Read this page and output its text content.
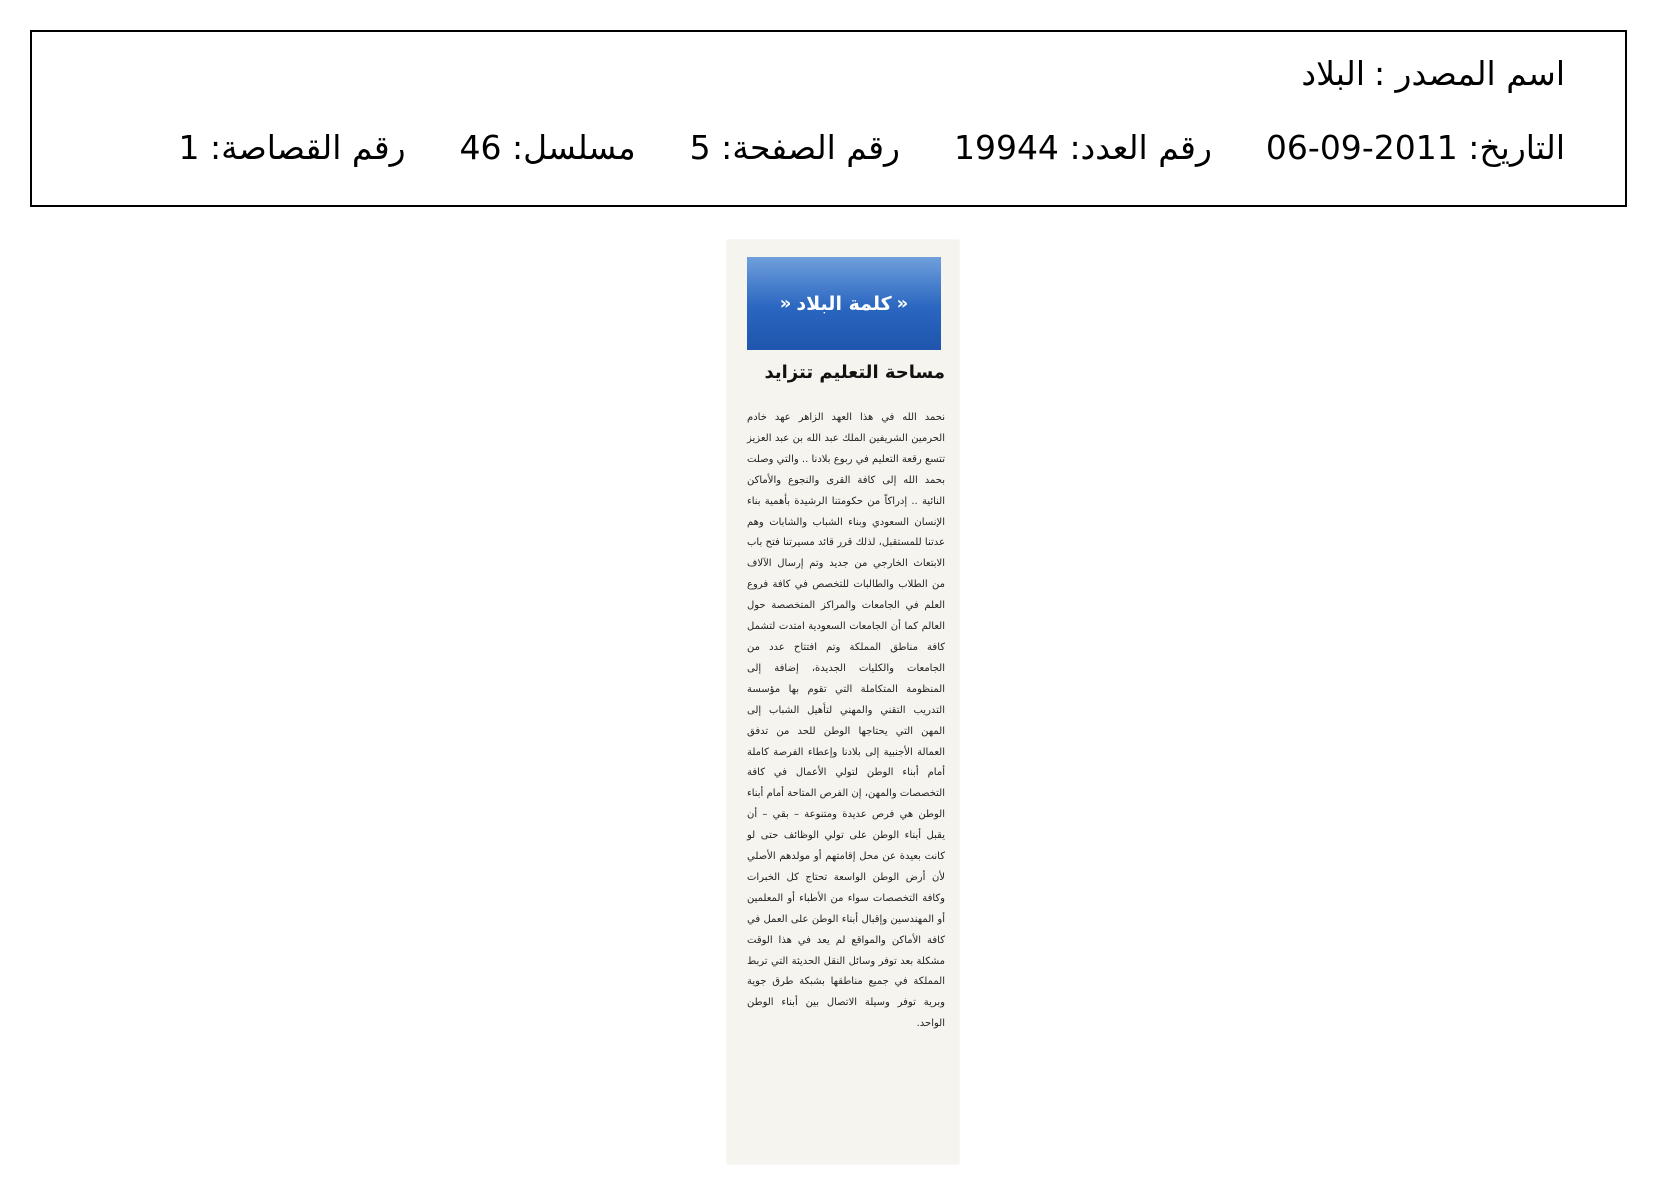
اسم المصدر :البلاد
التاريخ: 2011-09-06رقم العدد: 19944رقم الصفحة: 5مسلسل: 46رقم القصاصة: 1
«
كلمة البلاد
«
مساحة التعليم تتزايد
نحمد الله في هذا العهد الزاهر عهد خادم الحرمين الشريفين الملك عبد الله بن عبد العزيز تتسع رقعة التعليم في ربوع بلادنا .. والتي وصلت بحمد الله إلى كافة القرى والنجوع والأماكن النائية .. إدراكاً من حكومتنا الرشيدة بأهمية بناء الإنسان السعودي وبناء الشباب والشابات وهم عدتنا للمستقبل، لذلك قرر قائد مسيرتنا فتح باب الابتعاث الخارجي من جديد وتم إرسال الآلاف من الطلاب والطالبات للتخصص في كافة فروع العلم في الجامعات والمراكز المتخصصة حول العالم كما أن الجامعات السعودية امتدت لتشمل كافة مناطق المملكة وتم افتتاح عدد من الجامعات والكليات الجديدة، إضافة إلى المنظومة المتكاملة التي تقوم بها مؤسسة التدريب التقني والمهني لتأهيل الشباب إلى المهن التي يحتاجها الوطن للحد من تدفق العمالة الأجنبية إلى بلادنا وإعطاء الفرصة كاملة أمام أبناء الوطن لتولي الأعمال في كافة التخصصات والمهن، إن الفرص المتاحة أمام أبناء الوطن هي فرص عديدة ومتنوعة – بقي – أن يقبل أبناء الوطن على تولي الوظائف حتى لو كانت بعيدة عن محل إقامتهم أو مولدهم الأصلي لأن أرض الوطن الواسعة تحتاج كل الخبرات وكافة التخصصات سواء من الأطباء أو المعلمين أو المهندسين وإقبال أبناء الوطن على العمل في كافة الأماكن والمواقع لم يعد في هذا الوقت مشكلة بعد توفر وسائل النقل الحديثة التي تربط المملكة في جميع مناطقها بشبكة طرق جوية وبرية توفر وسيلة الاتصال بين أبناء الوطن الواحد.
